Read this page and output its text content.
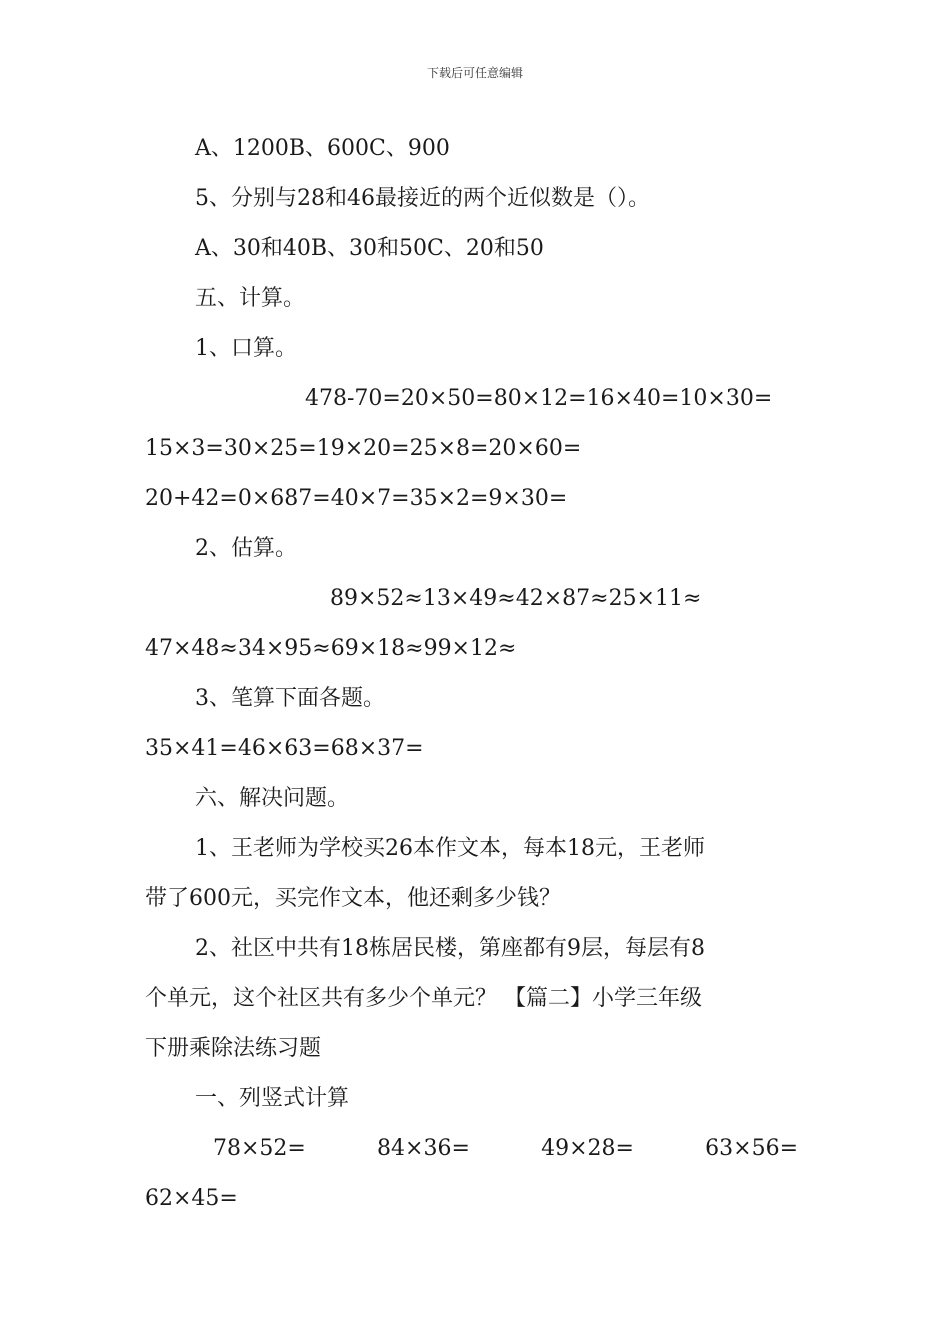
下载后可任意编辑
A、1200B、600C、900
5、分别与28和46最接近的两个近似数是（）。
A、30和40B、30和50C、20和50
五、计算。
1、口算。
478-70=20×50=80×12=16×40=10×30=
15×3=30×25=19×20=25×8=20×60=
20+42=0×687=40×7=35×2=9×30=
2、估算。
89×52≈13×49≈42×87≈25×11≈
47×48≈34×95≈69×18≈99×12≈
3、笔算下面各题。
35×41=46×63=68×37=
六、解决问题。
1、王老师为学校买26本作文本，每本18元，王老师
带了600元，买完作文本，他还剩多少钱？
2、社区中共有18栋居民楼，第座都有9层，每层有8
个单元，这个社区共有多少个单元？ 【篇二】小学三年级
下册乘除法练习题
一、列竖式计算
78×52=	84×36=	49×28=	63×56=
62×45=
